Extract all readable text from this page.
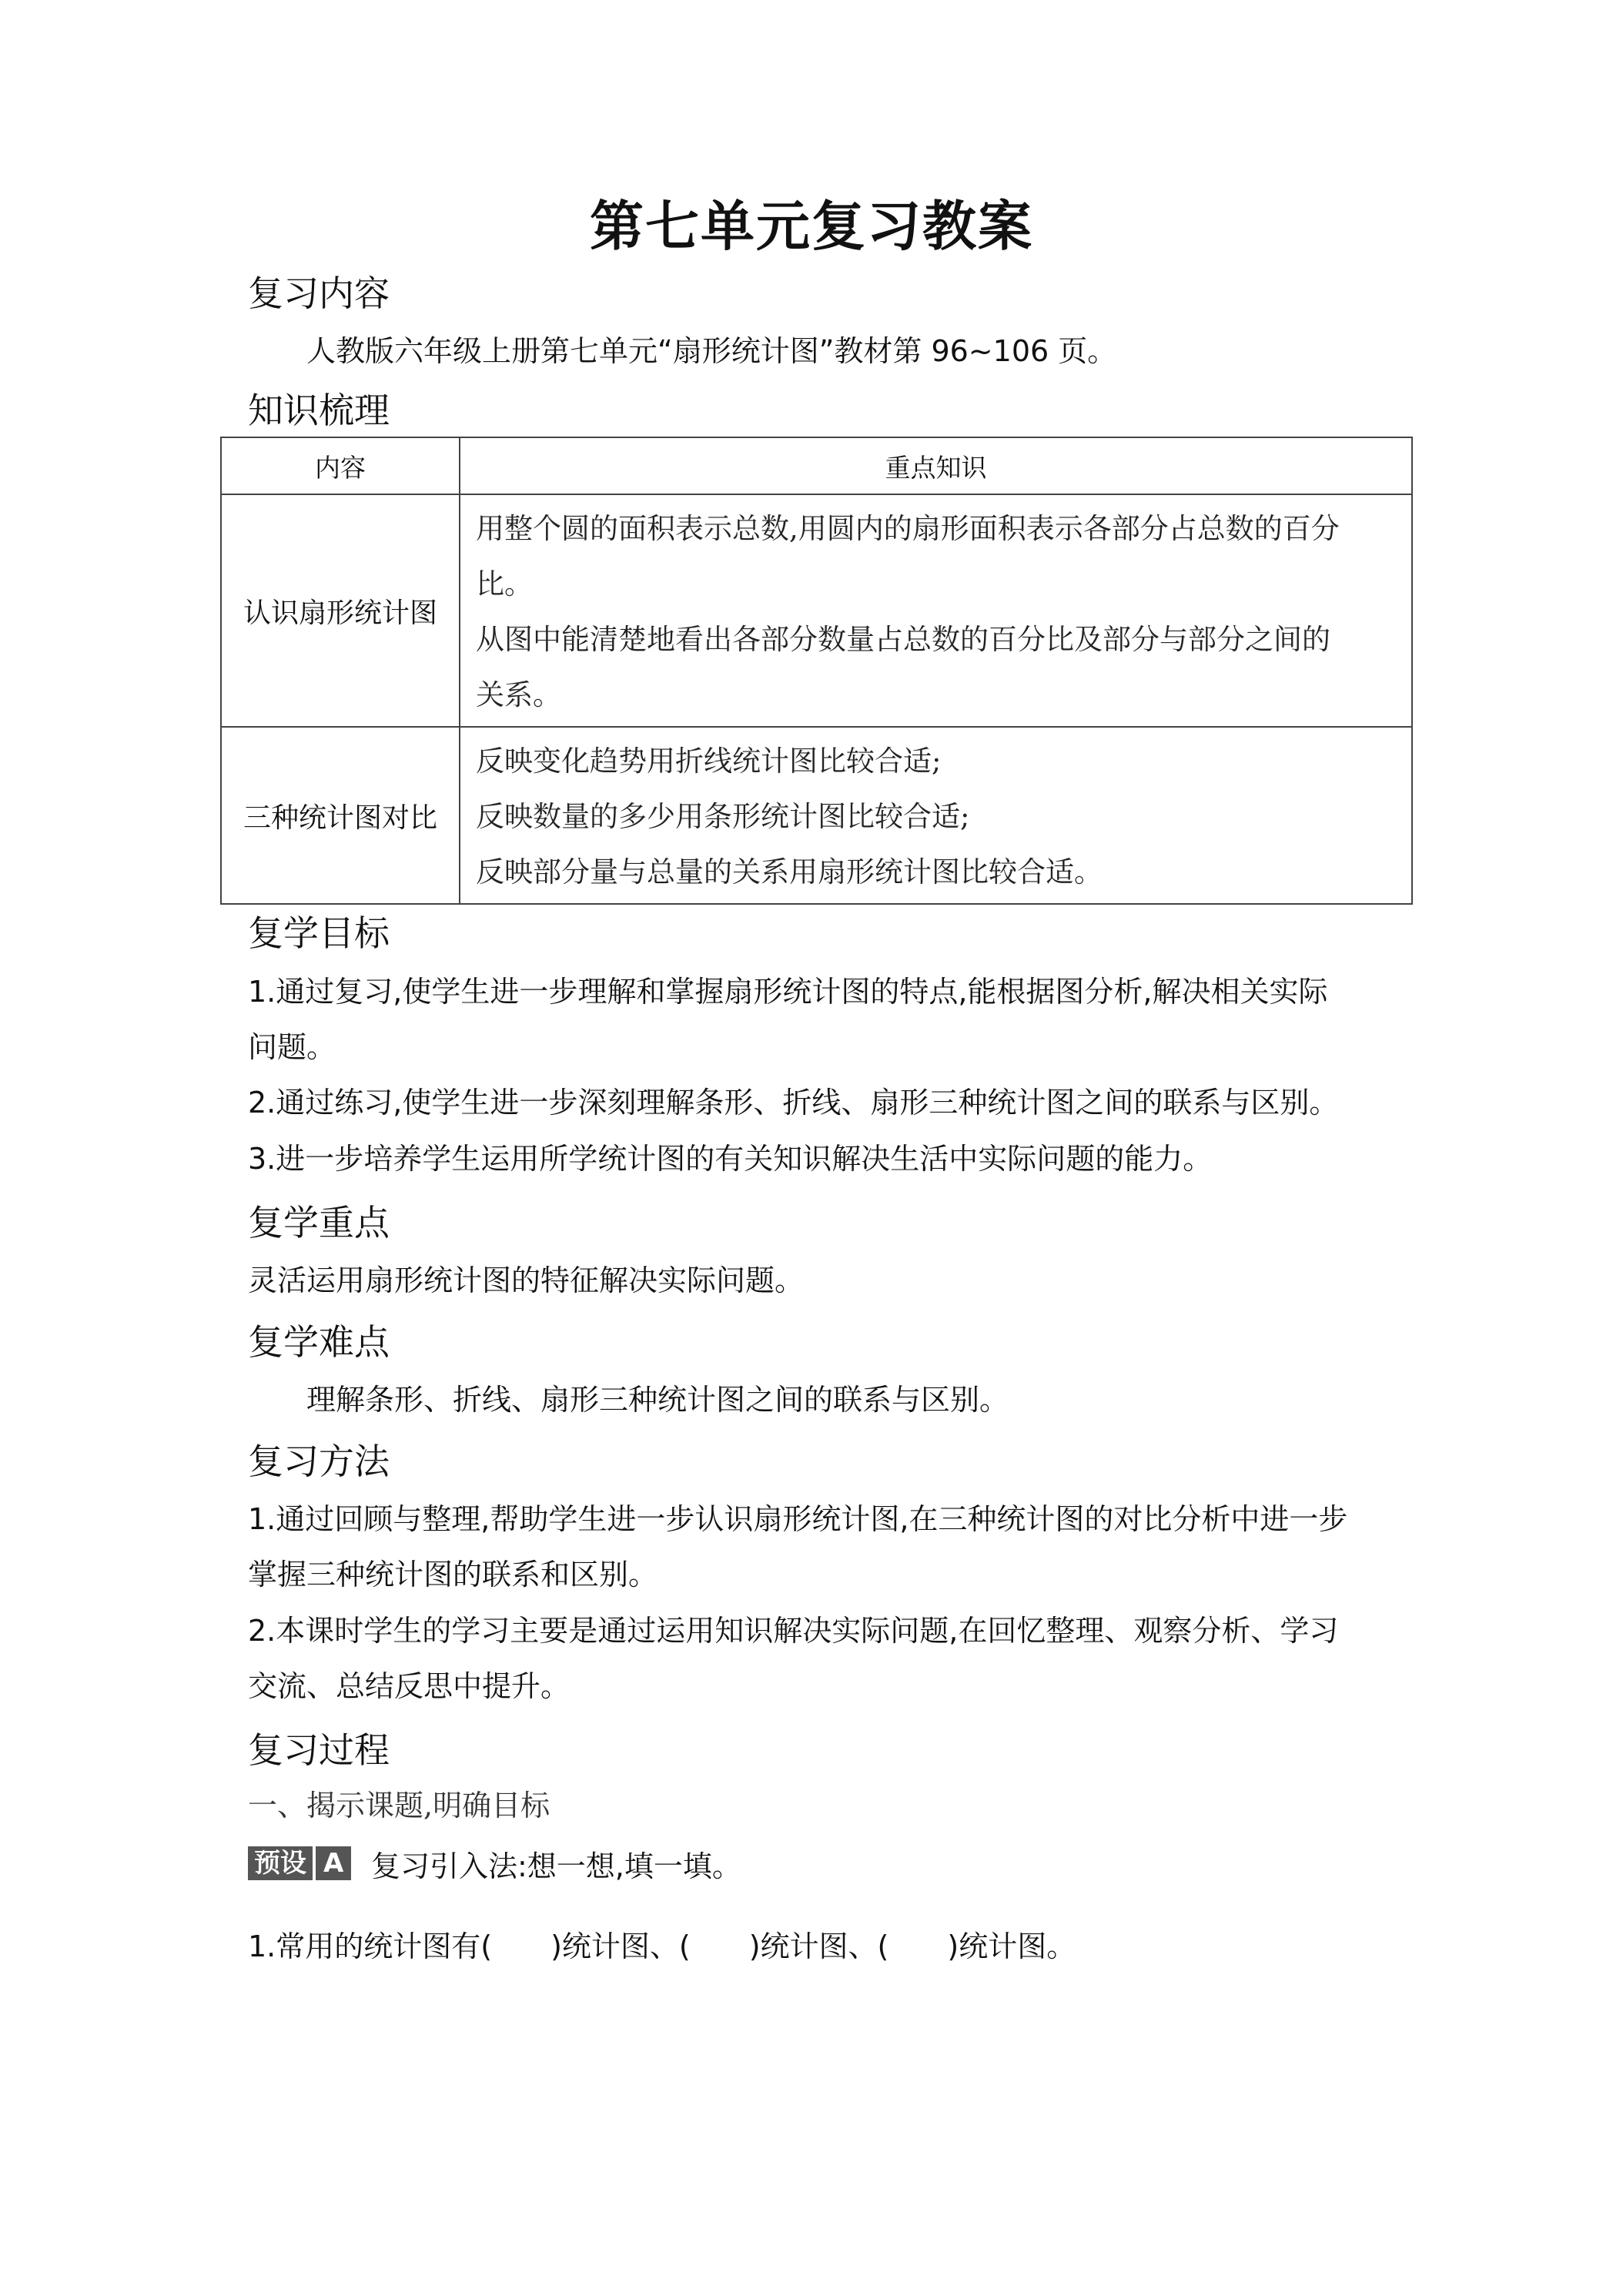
第七单元复习教案
复习内容
人教版六年级上册第七单元“扇形统计图”教材第 96~106 页。
知识梳理
内容	重点知识
认识扇形统计图	用整个圆的面积表示总数,用圆内的扇形面积表示各部分占总数的百分
比。
从图中能清楚地看出各部分数量占总数的百分比及部分与部分之间的
关系。

三种统计图对比	反映变化趋势用折线统计图比较合适;
反映数量的多少用条形统计图比较合适;
反映部分量与总量的关系用扇形统计图比较合适。
复学目标
1.通过复习,使学生进一步理解和掌握扇形统计图的特点,能根据图分析,解决相关实际
问题。
2.通过练习,使学生进一步深刻理解条形、折线、扇形三种统计图之间的联系与区别。
3.进一步培养学生运用所学统计图的有关知识解决生活中实际问题的能力。
复学重点
灵活运用扇形统计图的特征解决实际问题。
复学难点
理解条形、折线、扇形三种统计图之间的联系与区别。
复习方法
1.通过回顾与整理,帮助学生进一步认识扇形统计图,在三种统计图的对比分析中进一步
掌握三种统计图的联系和区别。
2.本课时学生的学习主要是通过运用知识解决实际问题,在回忆整理、观察分析、学习
交流、总结反思中提升。
复习过程
一、揭示课题,明确目标
预设 A 复习引入法:想一想,填一填。
1.常用的统计图有(　　)统计图、(　　)统计图、(　　)统计图。
